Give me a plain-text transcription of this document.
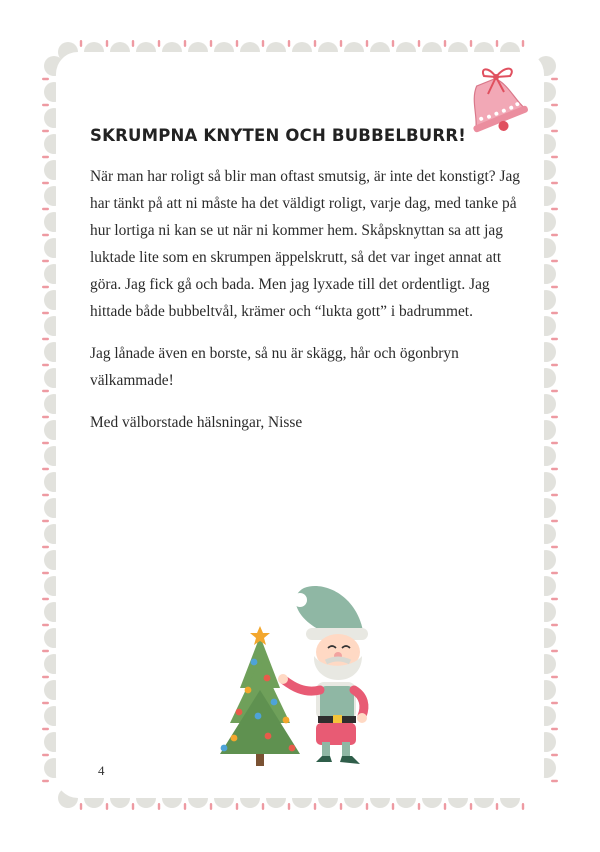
SKRUMPNA KNYTEN OCH BUBBELBURR!

När man har roligt så blir man oftast smutsig, är inte det konstigt? Jag har tänkt på att ni måste ha det väldigt roligt, varje dag, med tanke på hur lortiga ni kan se ut när ni kommer hem. Skåpsknyttan sa att jag luktade lite som en skrumpen äppelskrutt, så det var inget annat att göra. Jag fick gå och bada. Men jag lyxade till det ordentligt. Jag hittade både bubbeltvål, krämer och “lukta gott” i badrummet.

Jag lånade även en borste, så nu är skägg, hår och ögonbryn välkammade!

Med välborstade hälsningar, Nisse

4
